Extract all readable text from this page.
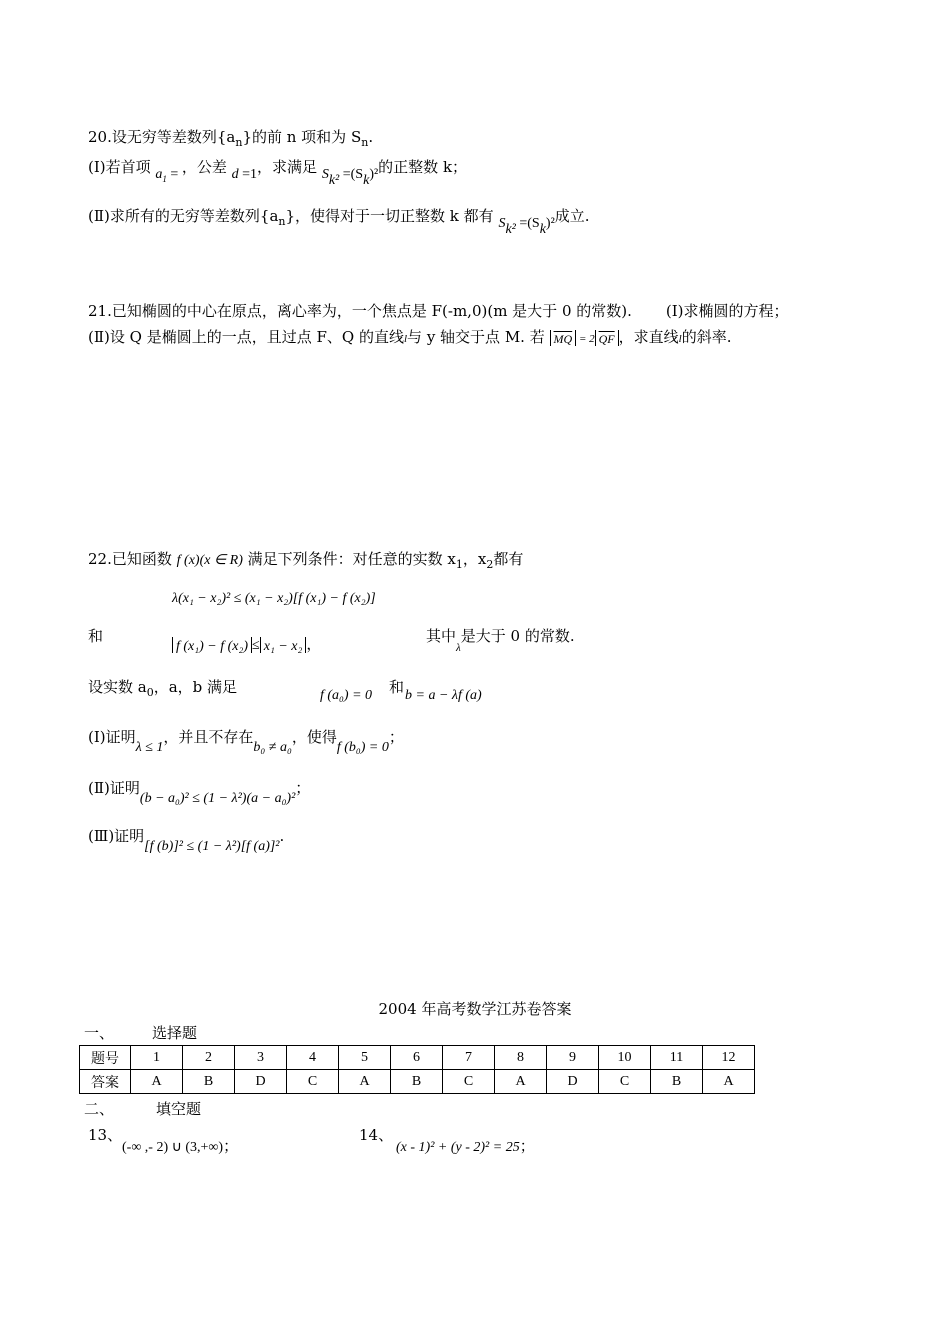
20.设无穷等差数列$\{a_n\}$的前 n 项和为 $S_n$.
(Ⅰ)若首项 $a_1$ = ，公差 d =1，求满足 $S_{k^2} =(S_k)^2$的正整数 k；
(Ⅱ)求所有的无穷等差数列$\{a_n\}$，使得对于一切正整数 k 都有 $S_{k^2} =(S_k)^2$成立.
21.已知椭圆的中心在原点，离心率为，一个焦点是 F(-m,0)(m 是大于 0 的常数). (Ⅰ)求椭圆的方程；
(Ⅱ)设 Q 是椭圆上的一点，且过点 F、Q 的直线l与 y 轴交于点 M. 若 $\overline{MQ} = 2$ $\overline{QF}$ ，求直线l的斜率.
22.已知函数 f (x)(x ∈ R) 满足下列条件：对任意的实数 $x_1$，$x_2$都有
λ(x₁ − x₂)² ≤ (x₁ − x₂)[f (x₁) − f (x₂)]
和
f (x₁) − f (x₂) ≤ x₁ − x₂ ，	其中$_\lambda$是大于 0 的常数.
设实数 $a_0$，a，b 满足	f (a₀) = 0 和 b = a − λf (a)
(Ⅰ)证明λ ≤ 1，并且不存在b₀ ≠ a₀，使得f (b₀) = 0；
(Ⅱ)证明(b − a₀)² ≤ (1 − λ²)(a − a₀)²；
(Ⅲ)证明[f (b)]² ≤ (1 − λ²)[f (a)]².
2004 年高考数学江苏卷答案
一、	选择题
题号	1	2	3	4	5	6	7	8	9	10	11	12
答案	A	B	D	C	A	B	C	A	D	C	B	A
二、	填空题
13、
(-∞ ,- 2) ∪ (3,+∞)；
14、
(x - 1)² + (y - 2)² = 25；
